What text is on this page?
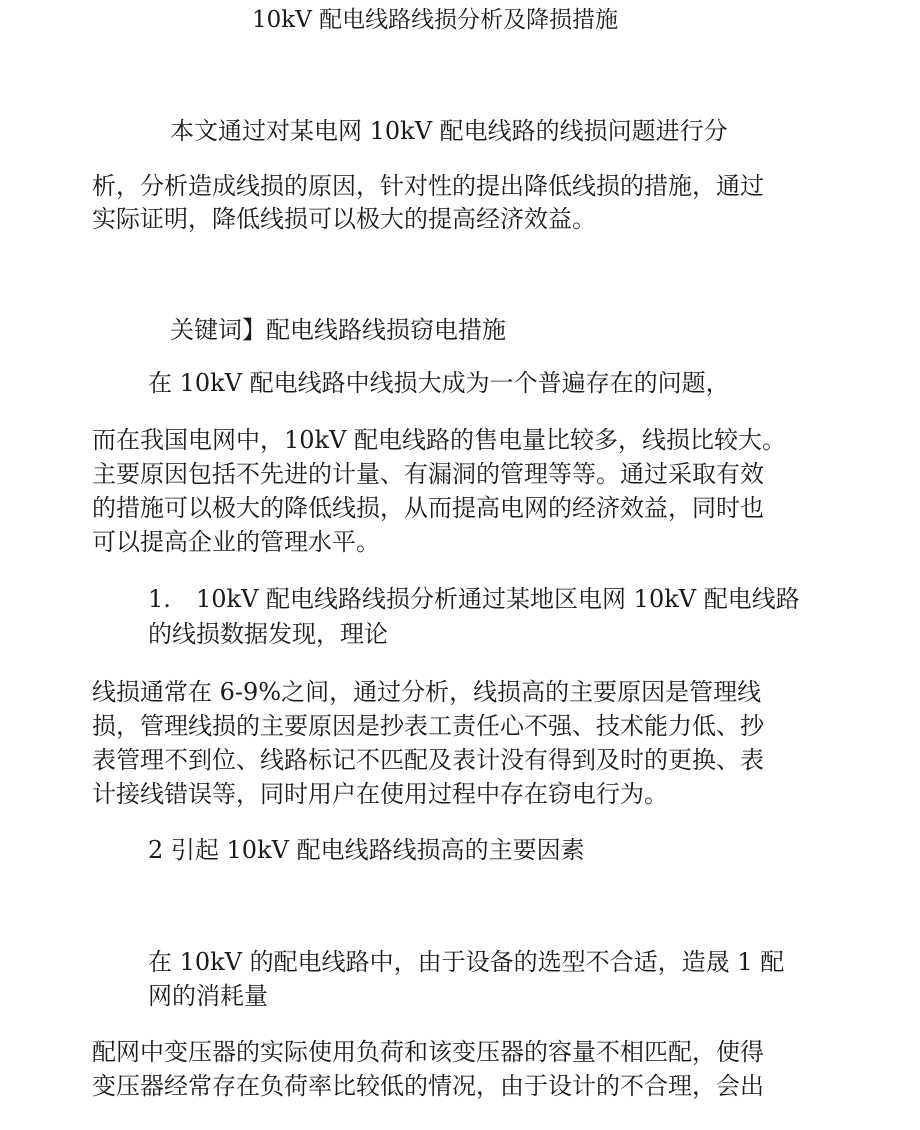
10kV 配电线路线损分析及降损措施

本文通过对某电网 10kV 配电线路的线损问题进行分

析，分析造成线损的原因，针对性的提出降低线损的措施，通过

实际证明，降低线损可以极大的提高经济效益。

关键词】配电线路线损窃电措施

在 10kV 配电线路中线损大成为一个普遍存在的问题，

而在我国电网中，10kV 配电线路的售电量比较多，线损比较大。

主要原因包括不先进的计量、有漏洞的管理等等。通过采取有效

的措施可以极大的降低线损，从而提高电网的经济效益，同时也

可以提高企业的管理水平。

1. 10kV 配电线路线损分析通过某地区电网 10kV 配电线路

的线损数据发现，理论

线损通常在 6-9%之间，通过分析，线损高的主要原因是管理线

损，管理线损的主要原因是抄表工责任心不强、技术能力低、抄

表管理不到位、线路标记不匹配及表计没有得到及时的更换、表

计接线错误等，同时用户在使用过程中存在窃电行为。

2 引起 10kV 配电线路线损高的主要因素

在 10kV 的配电线路中，由于设备的选型不合适，造晟 1 配

网的消耗量

配网中变压器的实际使用负荷和该变压器的容量不相匹配，使得

变压器经常存在负荷率比较低的情况，由于设计的不合理，会出
